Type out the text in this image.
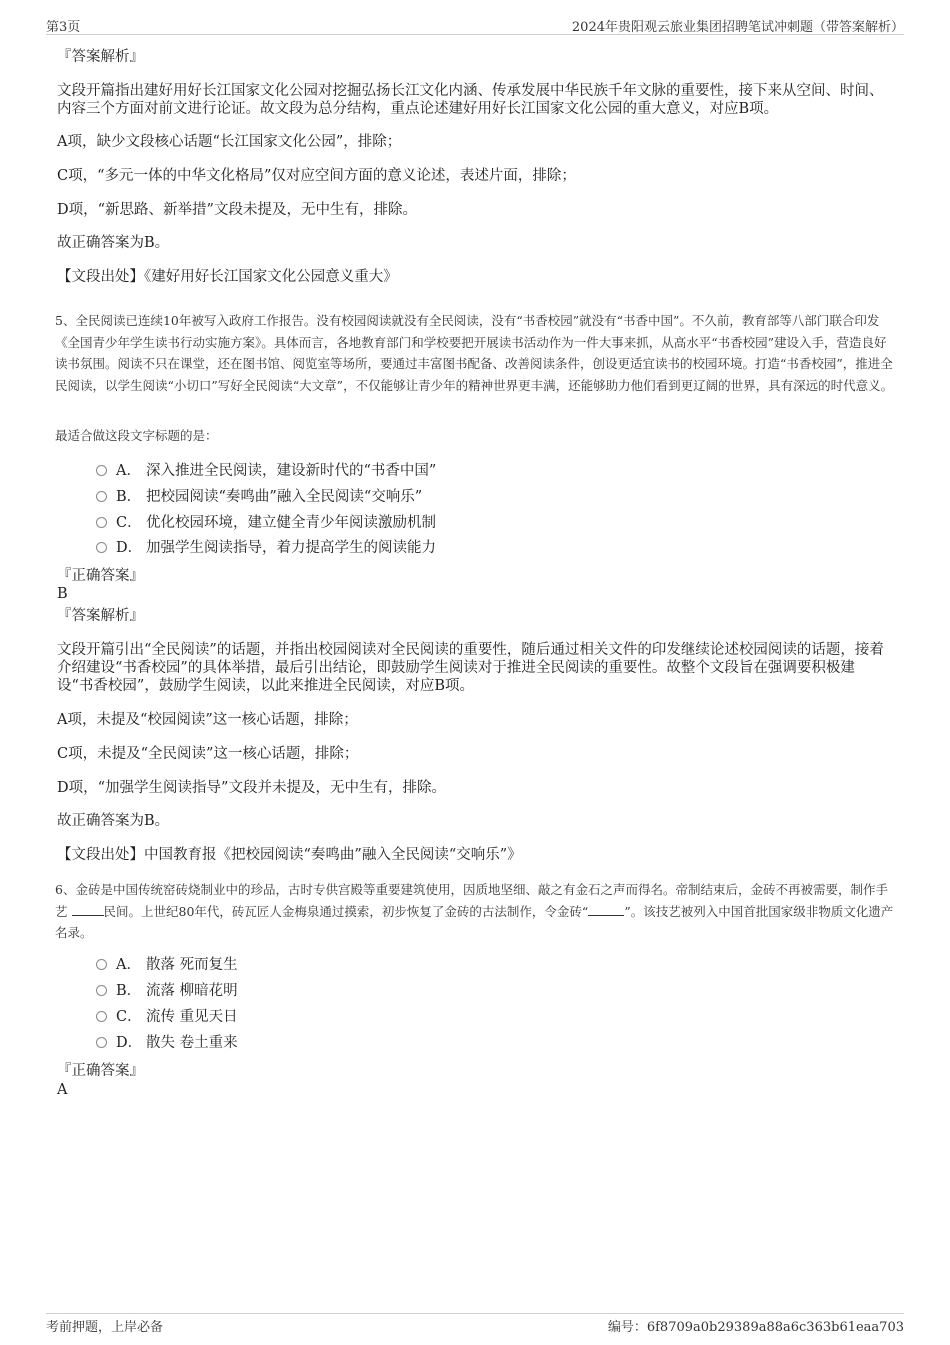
第3页	2024年贵阳观云旅业集团招聘笔试冲刺题（带答案解析）
『答案解析』

文段开篇指出建好用好长江国家文化公园对挖掘弘扬长江文化内涵、传承发展中华民族千年文脉的重要性，接下来从空间、时间、内容三个方面对前文进行论证。故文段为总分结构，重点论述建好用好长江国家文化公园的重大意义，对应B项。

A项，缺少文段核心话题“长江国家文化公园”，排除；
C项，“多元一体的中华文化格局”仅对应空间方面的意义论述，表述片面，排除；
D项，“新思路、新举措”文段未提及，无中生有，排除。
故正确答案为B。
【文段出处】《建好用好长江国家文化公园意义重大》

5、全民阅读已连续10年被写入政府工作报告。没有校园阅读就没有全民阅读，没有“书香校园”就没有“书香中国”。不久前，教育部等八部门联合印发《全国青少年学生读书行动实施方案》。具体而言，各地教育部门和学校要把开展读书活动作为一件大事来抓，从高水平“书香校园”建设入手，营造良好读书氛围。阅读不只在课堂，还在图书馆、阅览室等场所，要通过丰富图书配备、改善阅读条件，创设更适宜读书的校园环境。打造“书香校园”，推进全民阅读，以学生阅读“小切口”写好全民阅读“大文章”，不仅能够让青少年的精神世界更丰满，还能够助力他们看到更辽阔的世界，具有深远的时代意义。

最适合做这段文字标题的是：
A． 深入推进全民阅读，建设新时代的“书香中国”
B． 把校园阅读“奏鸣曲”融入全民阅读“交响乐”
C． 优化校园环境，建立健全青少年阅读激励机制
D． 加强学生阅读指导，着力提高学生的阅读能力
『正确答案』
B
『答案解析』

文段开篇引出“全民阅读”的话题，并指出校园阅读对全民阅读的重要性，随后通过相关文件的印发继续论述校园阅读的话题，接着介绍建设“书香校园”的具体举措，最后引出结论，即鼓励学生阅读对于推进全民阅读的重要性。故整个文段旨在强调要积极建设“书香校园”，鼓励学生阅读，以此来推进全民阅读，对应B项。

A项，未提及“校园阅读”这一核心话题，排除；
C项，未提及“全民阅读”这一核心话题，排除；
D项，“加强学生阅读指导”文段并未提及，无中生有，排除。
故正确答案为B。
【文段出处】中国教育报《把校园阅读“奏鸣曲”融入全民阅读“交响乐”》

6、金砖是中国传统窑砖烧制业中的珍品，古时专供宫殿等重要建筑使用，因质地坚细、敲之有金石之声而得名。帝制结束后，金砖不再被需要，制作手艺	民间。上世纪80年代，砖瓦匠人金梅泉通过摸索，初步恢复了金砖的古法制作，令金砖“	”。该技艺被列入中国首批国家级非物质文化遗产名录。

A． 散落 死而复生
B． 流落 柳暗花明
C． 流传 重见天日
D． 散失 卷土重来
『正确答案』
A
考前押题，上岸必备	编号：6f8709a0b29389a88a6c363b61eaa703
